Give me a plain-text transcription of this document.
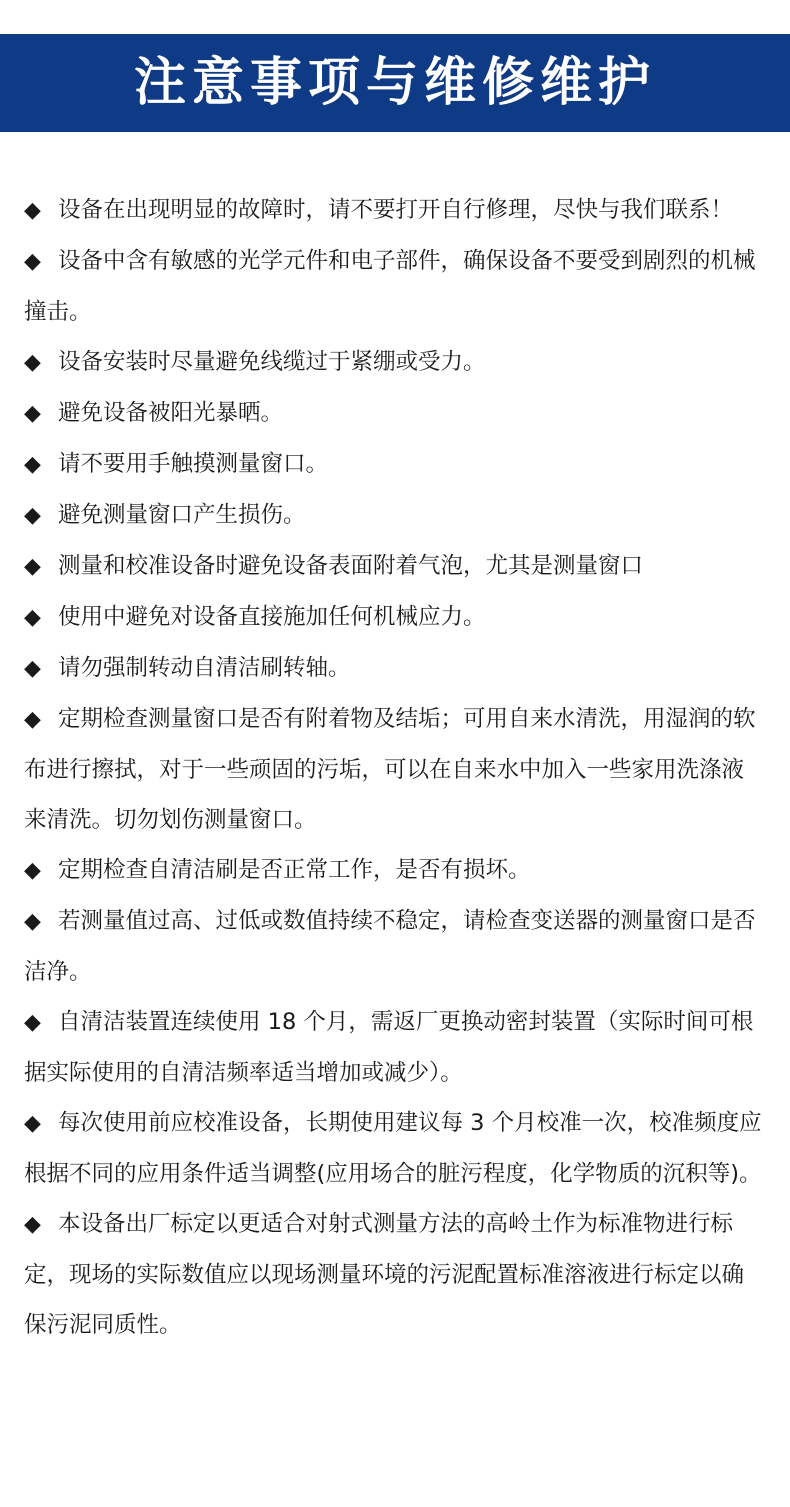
注意事项与维修维护
◆ 设备在出现明显的故障时，请不要打开自行修理，尽快与我们联系！
◆ 设备中含有敏感的光学元件和电子部件，确保设备不要受到剧烈的机械撞击。
◆ 设备安装时尽量避免线缆过于紧绷或受力。
◆ 避免设备被阳光暴晒。
◆ 请不要用手触摸测量窗口。
◆ 避免测量窗口产生损伤。
◆ 测量和校准设备时避免设备表面附着气泡，尤其是测量窗口
◆ 使用中避免对设备直接施加任何机械应力。
◆ 请勿强制转动自清洁刷转轴。
◆ 定期检查测量窗口是否有附着物及结垢；可用自来水清洗，用湿润的软布进行擦拭，对于一些顽固的污垢，可以在自来水中加入一些家用洗涤液来清洗。切勿划伤测量窗口。
◆ 定期检查自清洁刷是否正常工作，是否有损坏。
◆ 若测量值过高、过低或数值持续不稳定，请检查变送器的测量窗口是否洁净。
◆ 自清洁装置连续使用 18 个月，需返厂更换动密封装置（实际时间可根据实际使用的自清洁频率适当增加或减少）。
◆ 每次使用前应校准设备，长期使用建议每 3 个月校准一次，校准频度应根据不同的应用条件适当调整(应用场合的脏污程度，化学物质的沉积等)。
◆ 本设备出厂标定以更适合对射式测量方法的高岭土作为标准物进行标定，现场的实际数值应以现场测量环境的污泥配置标准溶液进行标定以确保污泥同质性。
